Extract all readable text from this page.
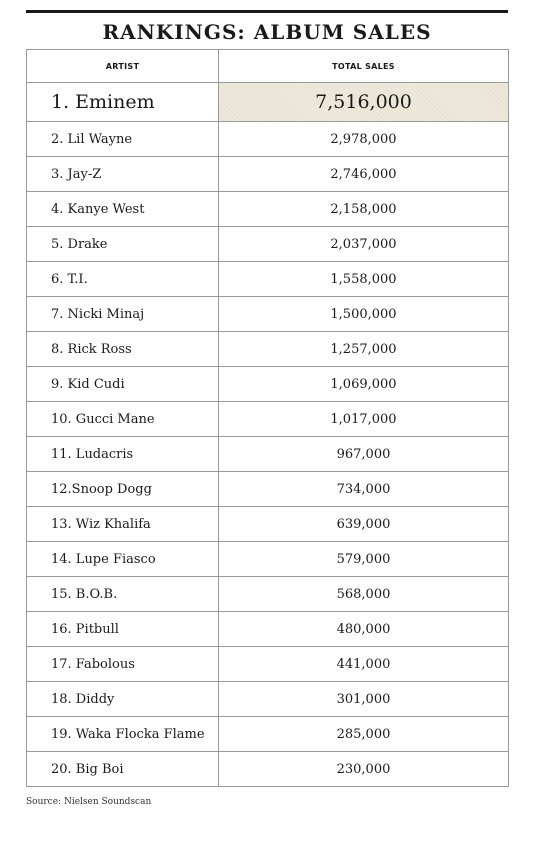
RANKINGS: ALBUM SALES
ARTIST	TOTAL SALES
1. Eminem	7,516,000
2. Lil Wayne	2,978,000
3. Jay-Z	2,746,000
4. Kanye West	2,158,000
5. Drake	2,037,000
6. T.I.	1,558,000
7. Nicki Minaj	1,500,000
8. Rick Ross	1,257,000
9. Kid Cudi	1,069,000
10. Gucci Mane	1,017,000
11. Ludacris	967,000
12.Snoop Dogg	734,000
13. Wiz Khalifa	639,000
14. Lupe Fiasco	579,000
15. B.O.B.	568,000
16. Pitbull	480,000
17. Fabolous	441,000
18. Diddy	301,000
19. Waka Flocka Flame	285,000
20. Big Boi	230,000
Source: Nielsen Soundscan
